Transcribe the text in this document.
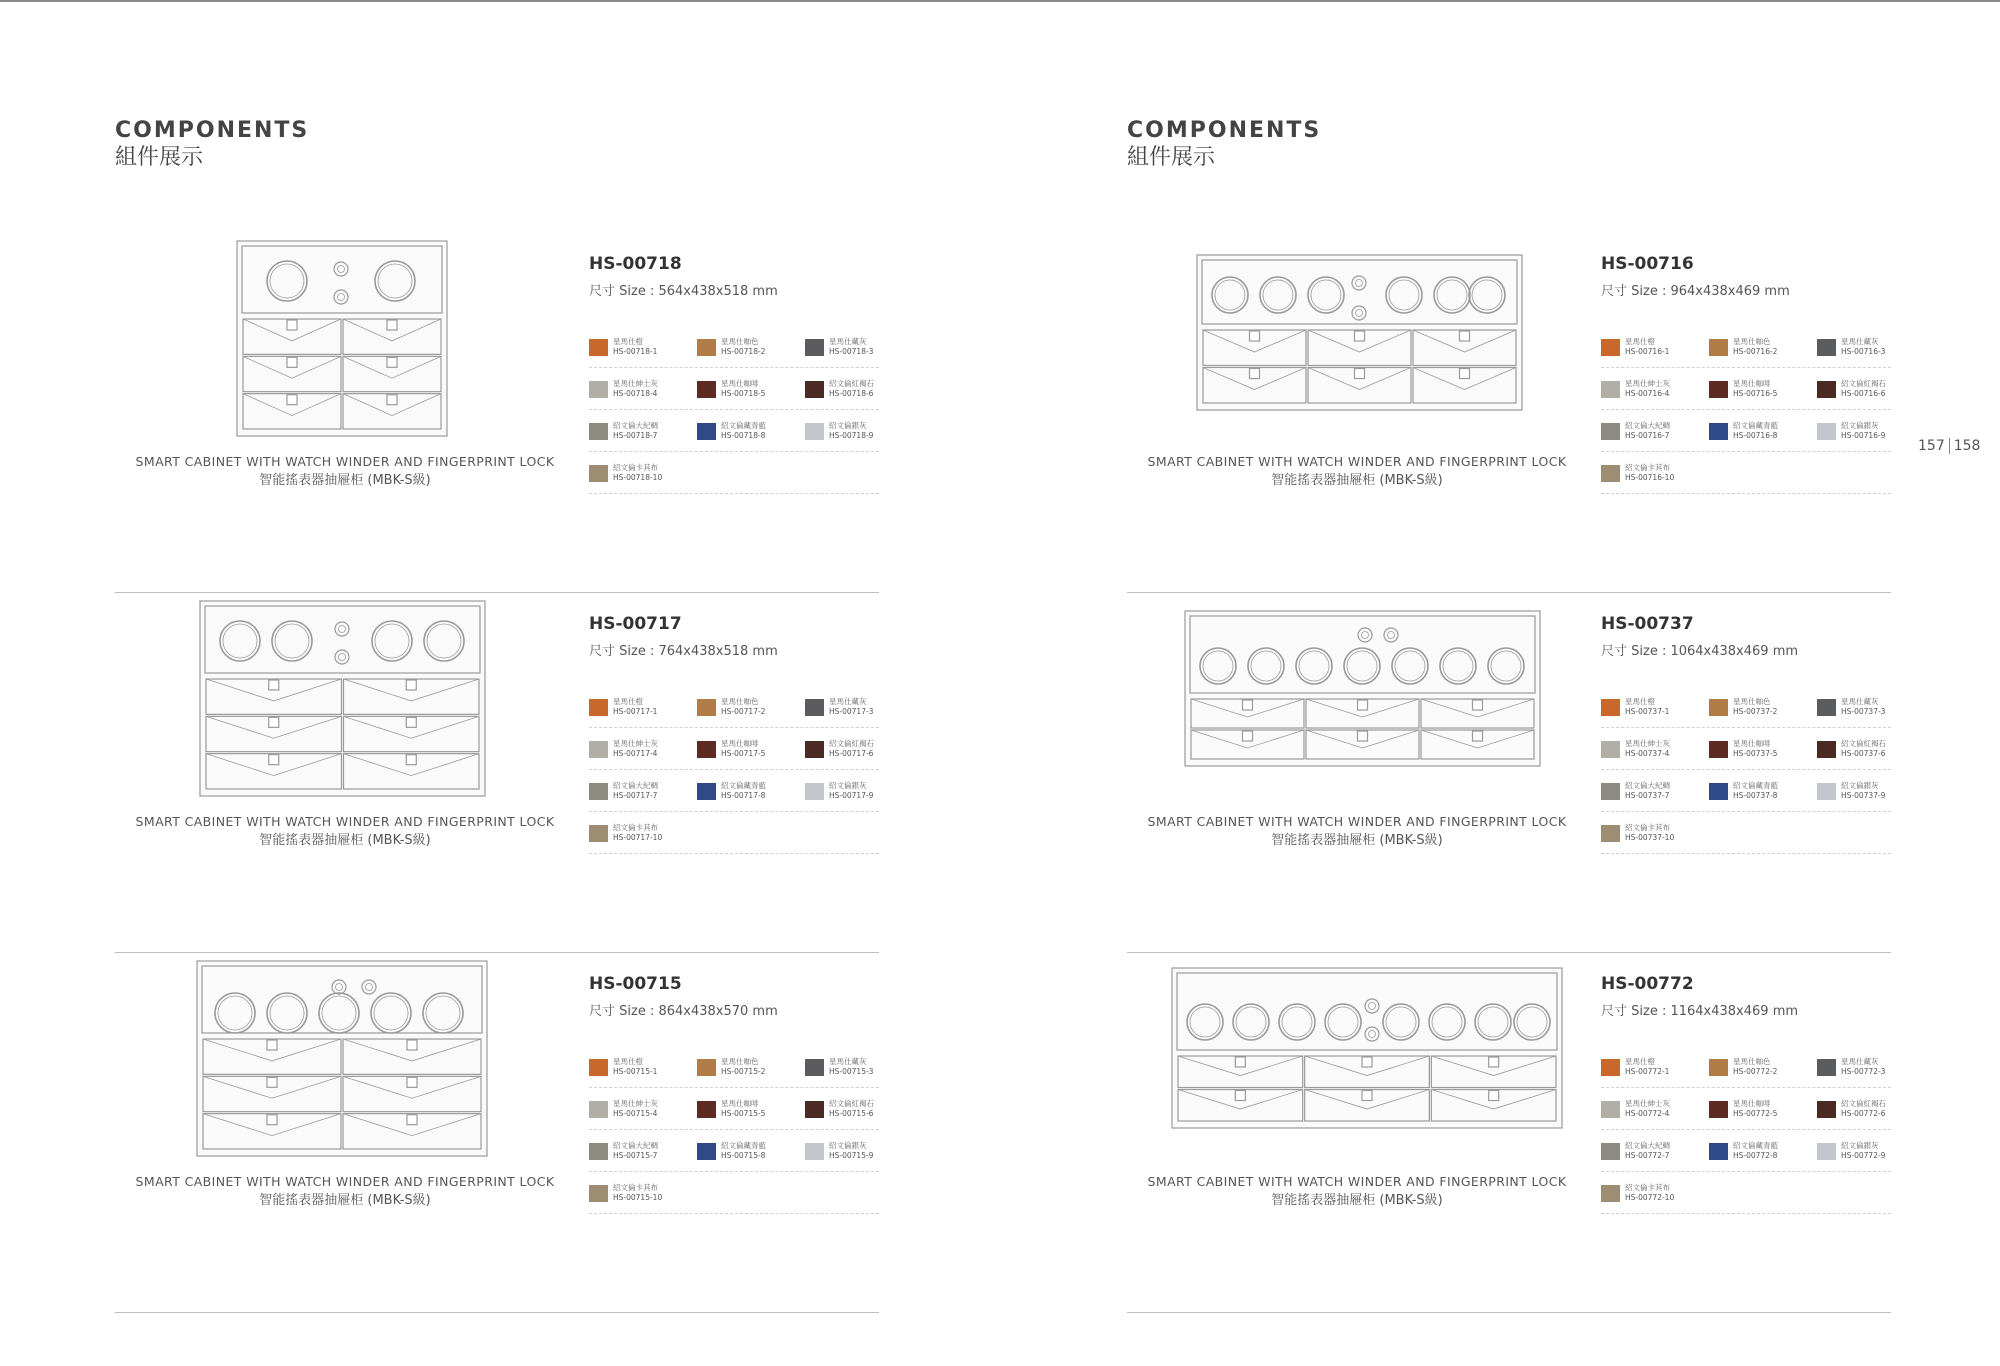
COMPONENTS
組件展示
SMART CABINET WITH WATCH WINDER AND FINGERPRINT LOCK
智能搖表器抽屜柜 (MBK-S級)
HS-00718
尺寸 Size : 564x438x518 mm
星馬仕橙
HS-00718-1
星馬仕咖色
HS-00718-2
星馬仕藏灰
HS-00718-3
星馬仕紳士灰
HS-00718-4
星馬仕咖啡
HS-00718-5
紹文倫紅褐石
HS-00718-6
紹文倫大紀綢
HS-00718-7
紹文倫藏青藍
HS-00718-8
紹文倫銀灰
HS-00718-9
紹文倫卡其布
HS-00718-10
SMART CABINET WITH WATCH WINDER AND FINGERPRINT LOCK
智能搖表器抽屜柜 (MBK-S級)
HS-00717
尺寸 Size : 764x438x518 mm
星馬仕橙
HS-00717-1
星馬仕咖色
HS-00717-2
星馬仕藏灰
HS-00717-3
星馬仕紳士灰
HS-00717-4
星馬仕咖啡
HS-00717-5
紹文倫紅褐石
HS-00717-6
紹文倫大紀綢
HS-00717-7
紹文倫藏青藍
HS-00717-8
紹文倫銀灰
HS-00717-9
紹文倫卡其布
HS-00717-10
SMART CABINET WITH WATCH WINDER AND FINGERPRINT LOCK
智能搖表器抽屜柜 (MBK-S級)
HS-00715
尺寸 Size : 864x438x570 mm
星馬仕橙
HS-00715-1
星馬仕咖色
HS-00715-2
星馬仕藏灰
HS-00715-3
星馬仕紳士灰
HS-00715-4
星馬仕咖啡
HS-00715-5
紹文倫紅褐石
HS-00715-6
紹文倫大紀綢
HS-00715-7
紹文倫藏青藍
HS-00715-8
紹文倫銀灰
HS-00715-9
紹文倫卡其布
HS-00715-10
COMPONENTS
組件展示
SMART CABINET WITH WATCH WINDER AND FINGERPRINT LOCK
智能搖表器抽屜柜 (MBK-S級)
HS-00716
尺寸 Size : 964x438x469 mm
星馬仕橙
HS-00716-1
星馬仕咖色
HS-00716-2
星馬仕藏灰
HS-00716-3
星馬仕紳士灰
HS-00716-4
星馬仕咖啡
HS-00716-5
紹文倫紅褐石
HS-00716-6
紹文倫大紀綢
HS-00716-7
紹文倫藏青藍
HS-00716-8
紹文倫銀灰
HS-00716-9
紹文倫卡其布
HS-00716-10
SMART CABINET WITH WATCH WINDER AND FINGERPRINT LOCK
智能搖表器抽屜柜 (MBK-S級)
HS-00737
尺寸 Size : 1064x438x469 mm
星馬仕橙
HS-00737-1
星馬仕咖色
HS-00737-2
星馬仕藏灰
HS-00737-3
星馬仕紳士灰
HS-00737-4
星馬仕咖啡
HS-00737-5
紹文倫紅褐石
HS-00737-6
紹文倫大紀綢
HS-00737-7
紹文倫藏青藍
HS-00737-8
紹文倫銀灰
HS-00737-9
紹文倫卡其布
HS-00737-10
SMART CABINET WITH WATCH WINDER AND FINGERPRINT LOCK
智能搖表器抽屜柜 (MBK-S級)
HS-00772
尺寸 Size : 1164x438x469 mm
星馬仕橙
HS-00772-1
星馬仕咖色
HS-00772-2
星馬仕藏灰
HS-00772-3
星馬仕紳士灰
HS-00772-4
星馬仕咖啡
HS-00772-5
紹文倫紅褐石
HS-00772-6
紹文倫大紀綢
HS-00772-7
紹文倫藏青藍
HS-00772-8
紹文倫銀灰
HS-00772-9
紹文倫卡其布
HS-00772-10
157 158
